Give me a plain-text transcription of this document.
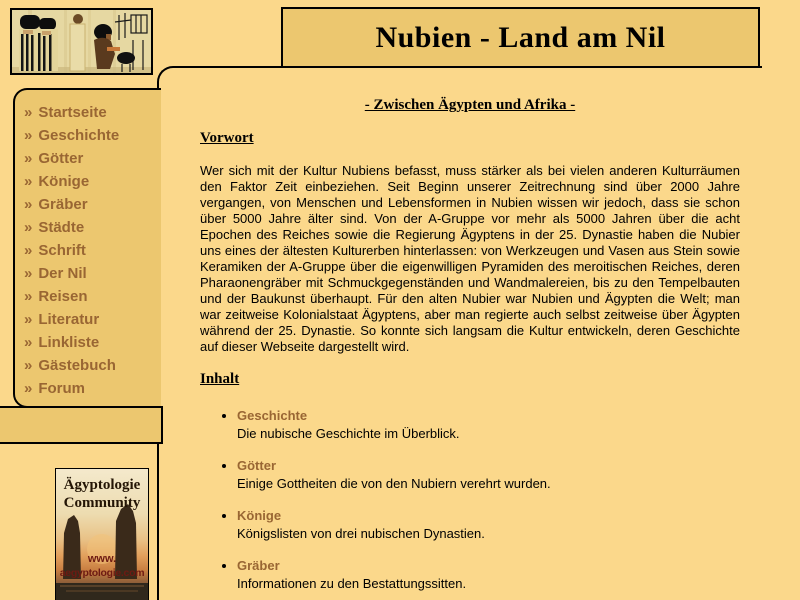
Nubien - Land am Nil
» Startseite
» Geschichte
» Götter
» Könige
» Gräber
» Städte
» Schrift
» Der Nil
» Reisen
» Literatur
» Linkliste
» Gästebuch
» Forum
- Zwischen Ägypten und Afrika -
Vorwort

Wer sich mit der Kultur Nubiens befasst, muss stärker als bei vielen anderen Kulturräumen den Faktor Zeit einbeziehen. Seit Beginn unserer Zeitrechnung sind über 2000 Jahre vergangen, von Menschen und Lebensformen in Nubien wissen wir jedoch, dass sie schon über 5000 Jahre älter sind. Von der A-Gruppe vor mehr als 5000 Jahren über die acht Epochen des Reiches sowie die Regierung Ägyptens in der 25. Dynastie haben die Nubier uns eines der ältesten Kulturerben hinterlassen: von Werkzeugen und Vasen aus Stein sowie Keramiken der A-Gruppe über die eigenwilligen Pyramiden des meroitischen Reiches, deren Pharaonengräber mit Schmuckgegenständen und Wandmalereien, bis zu den Tempelbauten und der Baukunst überhaupt. Für den alten Nubier war Nubien und Ägypten die Welt; man war zeitweise Kolonialstaat Ägyptens, aber man regierte auch selbst zeitweise über Ägypten während der 25. Dynastie. So konnte sich langsam die Kultur entwickeln, deren Geschichte auf dieser Webseite dargestellt wird.

Inhalt
• Geschichte
Die nubische Geschichte im Überblick.
• Götter
Einige Gottheiten die von den Nubiern verehrt wurden.
• Könige
Königslisten von drei nubischen Dynastien.
• Gräber
Informationen zu den Bestattungssitten.
Ägyptologie
Community
www.
aegyptologie.com
